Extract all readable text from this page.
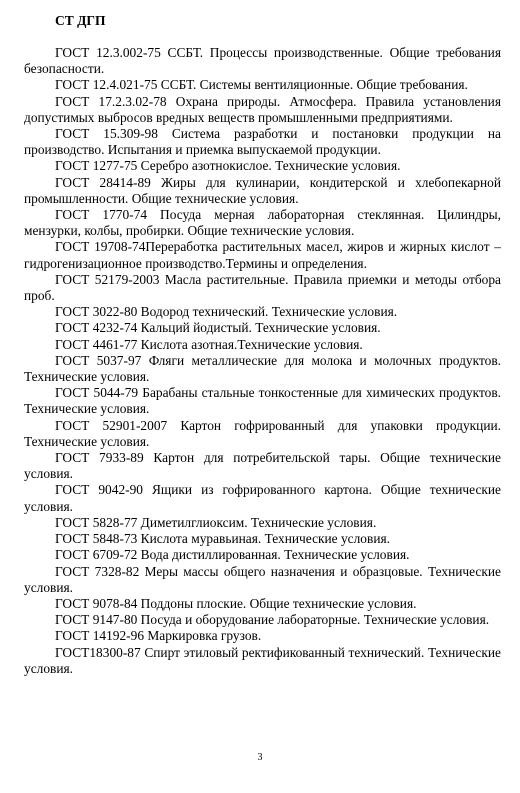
СТ ДГП

ГОСТ 12.3.002-75 ССБТ. Процессы производственные. Общие требования безопасности.

ГОСТ 12.4.021-75 ССБТ. Системы вентиляционные. Общие требования.

ГОСТ 17.2.3.02-78 Охрана природы. Атмосфера. Правила установления допустимых выбросов вредных веществ промышленными предприятиями.

ГОСТ 15.309-98 Система разработки и постановки продукции на производство. Испытания и приемка выпускаемой продукции.

ГОСТ 1277-75 Серебро азотнокислое. Технические условия.

ГОСТ 28414-89 Жиры для кулинарии, кондитерской и хлебопекарной промышленности. Общие технические условия.

ГОСТ 1770-74 Посуда мерная лабораторная стеклянная. Цилиндры, мензурки, колбы, пробирки. Общие технические условия.

ГОСТ 19708-74Переработка растительных масел, жиров и жирных кислот –гидрогенизационное производство.Термины и определения.

ГОСТ 52179-2003 Масла растительные. Правила приемки и методы отбора проб.

ГОСТ 3022-80 Водород технический. Технические условия.

ГОСТ 4232-74 Кальций йодистый. Технические условия.

ГОСТ 4461-77 Кислота азотная.Технические условия.

ГОСТ 5037-97 Фляги металлические для молока и молочных продуктов. Технические условия.

ГОСТ 5044-79 Барабаны стальные тонкостенные для химических продуктов. Технические условия.

ГОСТ 52901-2007 Картон гофрированный для упаковки продукции. Технические условия.

ГОСТ 7933-89 Картон для потребительской тары. Общие технические условия.

ГОСТ 9042-90 Ящики из гофрированного картона. Общие технические условия.

ГОСТ 5828-77 Диметилглиоксим. Технические условия.

ГОСТ 5848-73 Кислота муравьиная. Технические условия.

ГОСТ 6709-72 Вода дистиллированная. Технические условия.

ГОСТ 7328-82 Меры массы общего назначения и образцовые. Технические условия.

ГОСТ 9078-84 Поддоны плоские. Общие технические условия.

ГОСТ 9147-80 Посуда и оборудование лабораторные. Технические условия.

ГОСТ 14192-96 Маркировка грузов.

ГОСТ18300-87 Спирт этиловый ректификованный технический. Технические условия.

3
